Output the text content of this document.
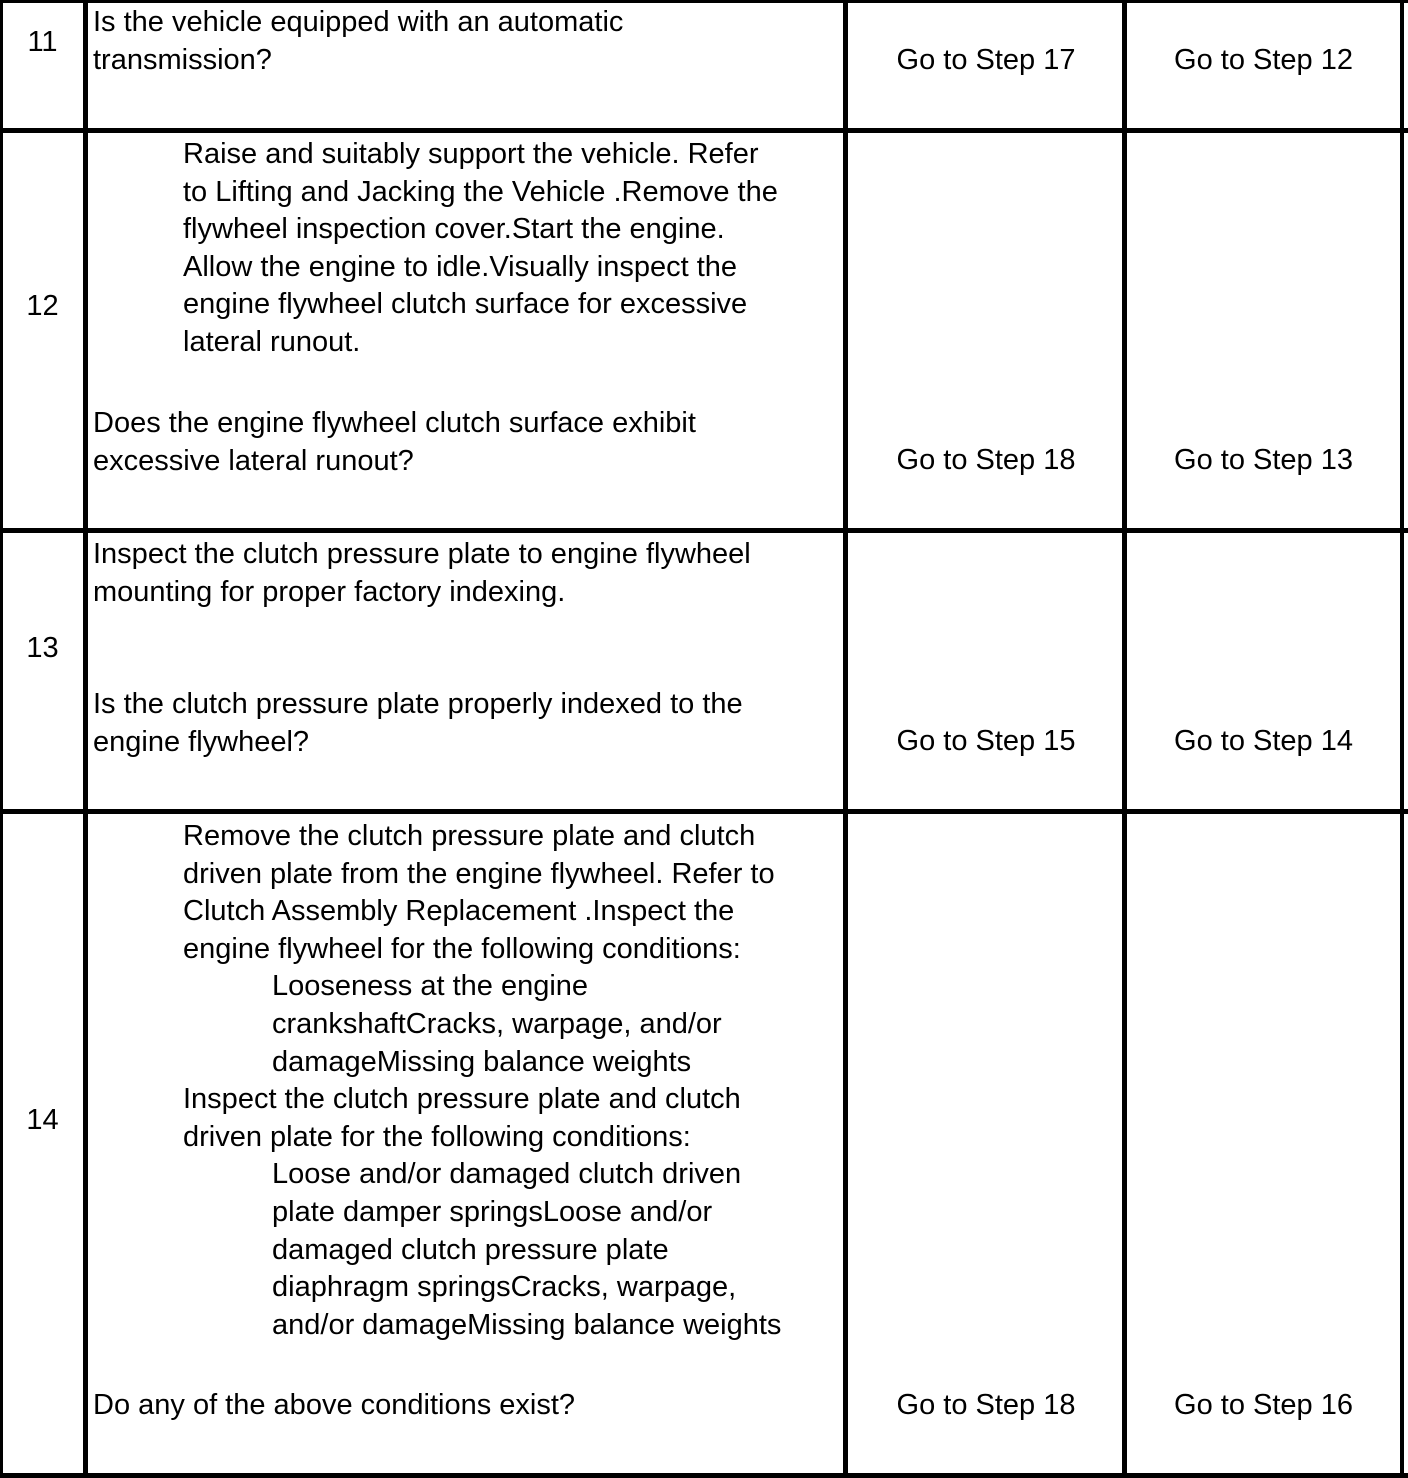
11
Is the vehicle equipped with an automatic
transmission?	Go to Step 17	Go to Step 12
12
Raise and suitably support the vehicle. Refer
to Lifting and Jacking the Vehicle .Remove the
flywheel inspection cover.Start the engine.
Allow the engine to idle.Visually inspect the
engine flywheel clutch surface for excessive
lateral runout.
Does the engine flywheel clutch surface exhibit
excessive lateral runout?	Go to Step 18	Go to Step 13
13
Inspect the clutch pressure plate to engine flywheel
mounting for proper factory indexing.
Is the clutch pressure plate properly indexed to the
engine flywheel?	Go to Step 15	Go to Step 14
14
Remove the clutch pressure plate and clutch
driven plate from the engine flywheel. Refer to
Clutch Assembly Replacement .Inspect the
engine flywheel for the following conditions:
Looseness at the engine
crankshaftCracks, warpage, and/or
damageMissing balance weights
Inspect the clutch pressure plate and clutch
driven plate for the following conditions:
Loose and/or damaged clutch driven
plate damper springsLoose and/or
damaged clutch pressure plate
diaphragm springsCracks, warpage,
and/or damageMissing balance weights
Do any of the above conditions exist?	Go to Step 18	Go to Step 16
